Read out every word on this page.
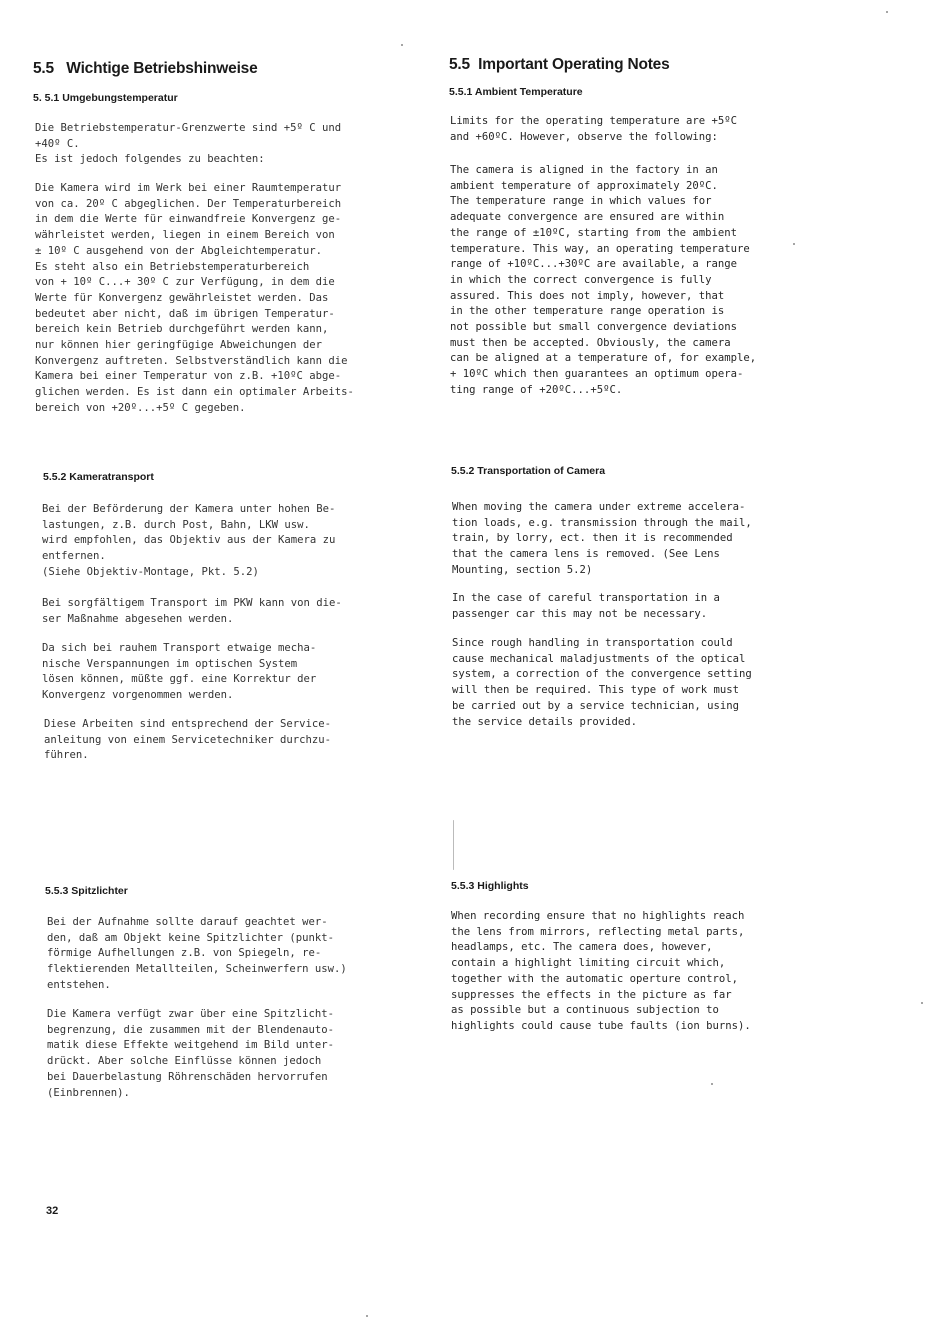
5.5 Wichtige Betriebshinweise
5. 5.1 Umgebungstemperatur
Die Betriebstemperatur-Grenzwerte sind +5º C und
+40º C.
Es ist jedoch folgendes zu beachten:
Die Kamera wird im Werk bei einer Raumtemperatur
von ca. 20º C abgeglichen. Der Temperaturbereich
in dem die Werte für einwandfreie Konvergenz ge-
währleistet werden, liegen in einem Bereich von
± 10º C ausgehend von der Abgleichtemperatur.
Es steht also ein Betriebstemperaturbereich
von + 10º C...+ 30º C zur Verfügung, in dem die
Werte für Konvergenz gewährleistet werden. Das
bedeutet aber nicht, daß im übrigen Temperatur-
bereich kein Betrieb durchgeführt werden kann,
nur können hier geringfügige Abweichungen der
Konvergenz auftreten. Selbstverständlich kann die
Kamera bei einer Temperatur von z.B. +10ºC abge-
glichen werden. Es ist dann ein optimaler Arbeits-
bereich von +20º...+5º C gegeben.
5.5.2 Kameratransport
Bei der Beförderung der Kamera unter hohen Be-
lastungen, z.B. durch Post, Bahn, LKW usw.
wird empfohlen, das Objektiv aus der Kamera zu
entfernen.
(Siehe Objektiv-Montage, Pkt. 5.2)
Bei sorgfältigem Transport im PKW kann von die-
ser Maßnahme abgesehen werden.
Da sich bei rauhem Transport etwaige mecha-
nische Verspannungen im optischen System
lösen können, müßte ggf. eine Korrektur der
Konvergenz vorgenommen werden.
Diese Arbeiten sind entsprechend der Service-
anleitung von einem Servicetechniker durchzu-
führen.
5.5.3 Spitzlichter
Bei der Aufnahme sollte darauf geachtet wer-
den, daß am Objekt keine Spitzlichter (punkt-
förmige Aufhellungen z.B. von Spiegeln, re-
flektierenden Metallteilen, Scheinwerfern usw.)
entstehen.
Die Kamera verfügt zwar über eine Spitzlicht-
begrenzung, die zusammen mit der Blendenauto-
matik diese Effekte weitgehend im Bild unter-
drückt. Aber solche Einflüsse können jedoch
bei Dauerbelastung Röhrenschäden hervorrufen
(Einbrennen).
5.5 Important Operating Notes
5.5.1 Ambient Temperature
Limits for the operating temperature are +5ºC
and +60ºC. However, observe the following:
The camera is aligned in the factory in an
ambient temperature of approximately 20ºC.
The temperature range in which values for
adequate convergence are ensured are within
the range of ±10ºC, starting from the ambient
temperature. This way, an operating temperature
range of +10ºC...+30ºC are available, a range
in which the correct convergence is fully
assured. This does not imply, however, that
in the other temperature range operation is
not possible but small convergence deviations
must then be accepted. Obviously, the camera
can be aligned at a temperature of, for example,
+ 10ºC which then guarantees an optimum opera-
ting range of +20ºC...+5ºC.
5.5.2 Transportation of Camera
When moving the camera under extreme accelera-
tion loads, e.g. transmission through the mail,
train, by lorry, ect. then it is recommended
that the camera lens is removed. (See Lens
Mounting, section 5.2)
In the case of careful transportation in a
passenger car this may not be necessary.
Since rough handling in transportation could
cause mechanical maladjustments of the optical
system, a correction of the convergence setting
will then be required. This type of work must
be carried out by a service technician, using
the service details provided.
5.5.3 Highlights
When recording ensure that no highlights reach
the lens from mirrors, reflecting metal parts,
headlamps, etc. The camera does, however,
contain a highlight limiting circuit which,
together with the automatic operture control,
suppresses the effects in the picture as far
as possible but a continuous subjection to
highlights could cause tube faults (ion burns).
32
